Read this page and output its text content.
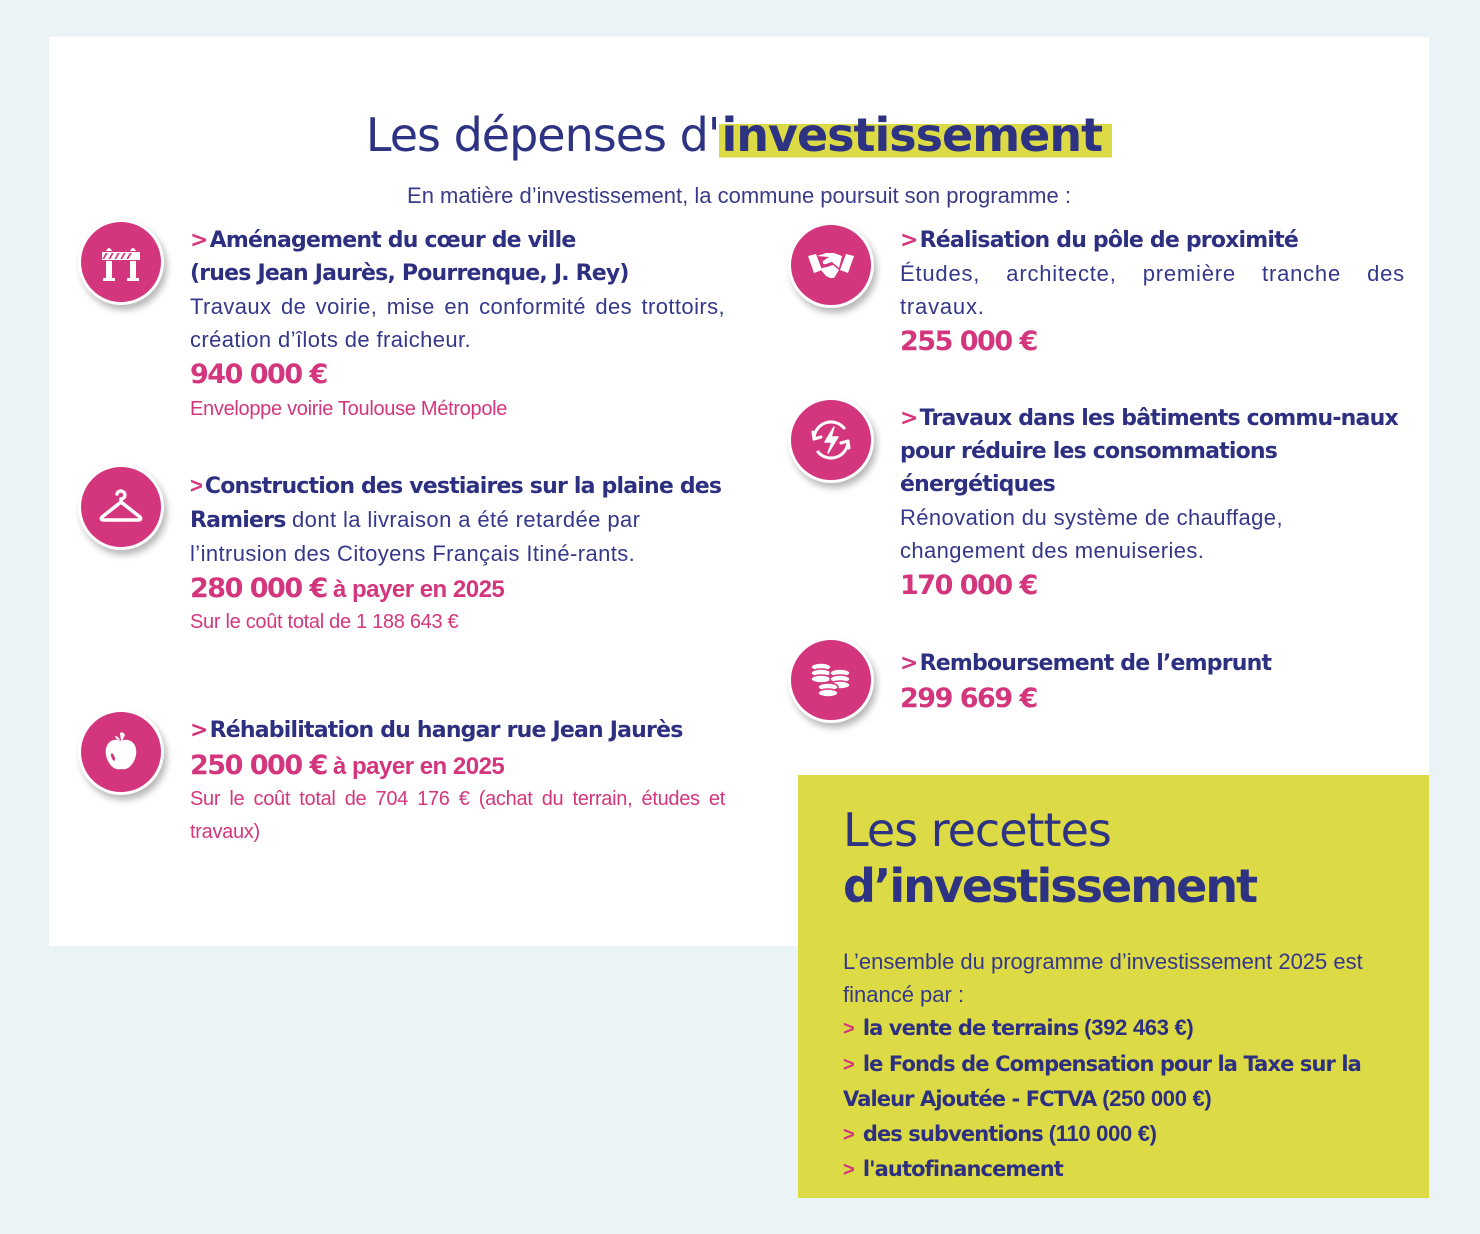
Les dépenses d'investissement
En matière d’investissement, la commune poursuit son programme :
>Aménagement du cœur de ville
(rues Jean Jaurès, Pourrenque, J. Rey)
Travaux de voirie, mise en conformité des trottoirs, création d’îlots de fraicheur.
940 000 €
Enveloppe voirie Toulouse Métropole
>Construction des vestiaires sur la plaine des Ramiers dont la livraison a été retardée par l’intrusion des Citoyens Français Itiné-rants.
280 000 € à payer en 2025
Sur le coût total de 1 188 643 €
>Réhabilitation du hangar rue Jean Jaurès
250 000 € à payer en 2025
Sur le coût total de 704 176 € (achat du terrain, études et travaux)
>Réalisation du pôle de proximité
Études, architecte, première tranche des travaux.
255 000 €
>Travaux dans les bâtiments commu-naux pour réduire les consommations énergétiques
Rénovation du système de chauffage, changement des menuiseries.
170 000 €
>Remboursement de l’emprunt
299 669 €
Les recettes
d’investissement
L’ensemble du programme d’investissement 2025 est financé par :
> la vente de terrains (392 463 €)
> le Fonds de Compensation pour la Taxe sur la Valeur Ajoutée - FCTVA (250 000 €)
> des subventions (110 000 €)
> l'autofinancement
